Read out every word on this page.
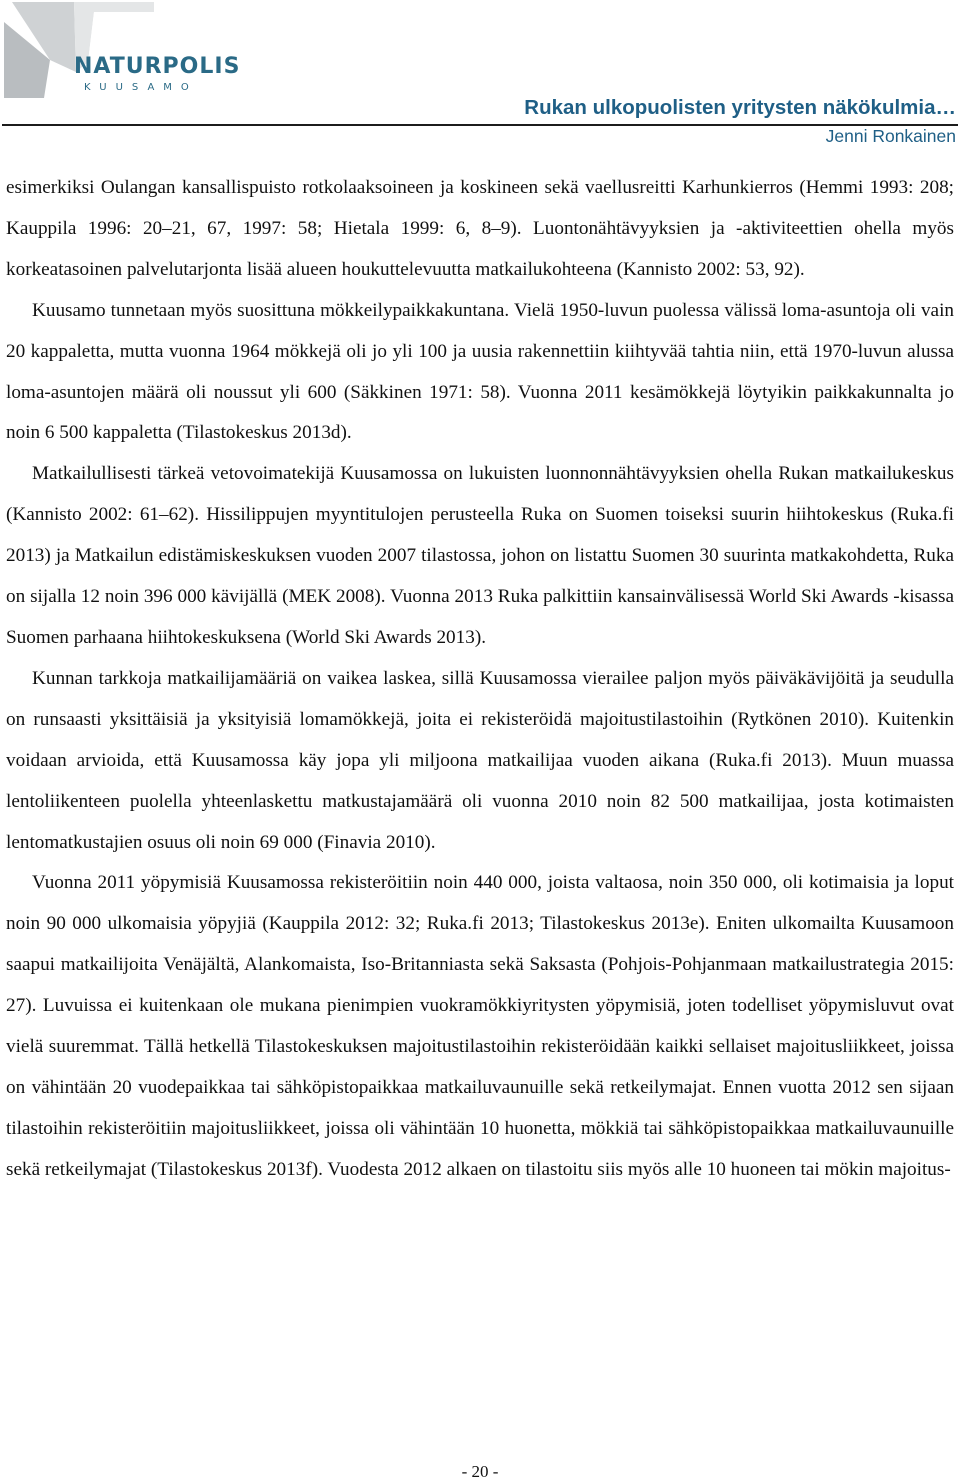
NATURPOLIS
KUUSAMO
Rukan ulkopuolisten yritysten näkökulmia…
Jenni Ronkainen

esimerkiksi Oulangan kansallispuisto rotkolaaksoineen ja koskineen sekä vaellusreitti Karhunkierros (Hemmi 1993: 208; Kauppila 1996: 20–21, 67, 1997: 58; Hietala 1999: 6, 8–9). Luontonähtävyyksien ja -aktiviteettien ohella myös korkeatasoinen palvelutarjonta lisää alueen houkuttelevuutta matkailukohteena (Kannisto 2002: 53, 92).

Kuusamo tunnetaan myös suosittuna mökkeilypaikkakuntana. Vielä 1950-luvun puolessa välissä loma-asuntoja oli vain 20 kappaletta, mutta vuonna 1964 mökkejä oli jo yli 100 ja uusia rakennettiin kiihtyvää tahtia niin, että 1970-luvun alussa loma-asuntojen määrä oli noussut yli 600 (Säkkinen 1971: 58). Vuonna 2011 kesämökkejä löytyikin paikkakunnalta jo noin 6 500 kappaletta (Tilastokeskus 2013d).

Matkailullisesti tärkeä vetovoimatekijä Kuusamossa on lukuisten luonnonnähtävyyksien ohella Rukan matkailukeskus (Kannisto 2002: 61–62). Hissilippujen myyntitulojen perusteella Ruka on Suomen toiseksi suurin hiihtokeskus (Ruka.fi 2013) ja Matkailun edistämiskeskuksen vuoden 2007 tilastossa, johon on listattu Suomen 30 suurinta matkakohdetta, Ruka on sijalla 12 noin 396 000 kävijällä (MEK 2008). Vuonna 2013 Ruka palkittiin kansainvälisessä World Ski Awards -kisassa Suomen parhaana hiihtokeskuksena (World Ski Awards 2013).

Kunnan tarkkoja matkailijamääriä on vaikea laskea, sillä Kuusamossa vierailee paljon myös päiväkävijöitä ja seudulla on runsaasti yksittäisiä ja yksityisiä lomamökkejä, joita ei rekisteröidä majoitustilastoihin (Rytkönen 2010). Kuitenkin voidaan arvioida, että Kuusamossa käy jopa yli miljoona matkailijaa vuoden aikana (Ruka.fi 2013). Muun muassa lentoliikenteen puolella yhteenlaskettu matkustajamäärä oli vuonna 2010 noin 82 500 matkailijaa, josta kotimaisten lentomatkustajien osuus oli noin 69 000 (Finavia 2010).

Vuonna 2011 yöpymisiä Kuusamossa rekisteröitiin noin 440 000, joista valtaosa, noin 350 000, oli kotimaisia ja loput noin 90 000 ulkomaisia yöpyjiä (Kauppila 2012: 32; Ruka.fi 2013; Tilastokeskus 2013e). Eniten ulkomailta Kuusamoon saapui matkailijoita Venäjältä, Alankomaista, Iso-Britanniasta sekä Saksasta (Pohjois-Pohjanmaan matkailustrategia 2015: 27). Luvuissa ei kuitenkaan ole mukana pienimpien vuokramökkiyritysten yöpymisiä, joten todelliset yöpymisluvut ovat vielä suuremmat. Tällä hetkellä Tilastokeskuksen majoitustilastoihin rekisteröidään kaikki sellaiset majoitusliikkeet, joissa on vähintään 20 vuodepaikkaa tai sähköpistopaikkaa matkailuvaunuille sekä retkeilymajat. Ennen vuotta 2012 sen sijaan tilastoihin rekisteröitiin majoitusliikkeet, joissa oli vähintään 10 huonetta, mökkiä tai sähköpistopaikkaa matkailuvaunuille sekä retkeilymajat (Tilastokeskus 2013f). Vuodesta 2012 alkaen on tilastoitu siis myös alle 10 huoneen tai mökin majoitus-

- 20 -
